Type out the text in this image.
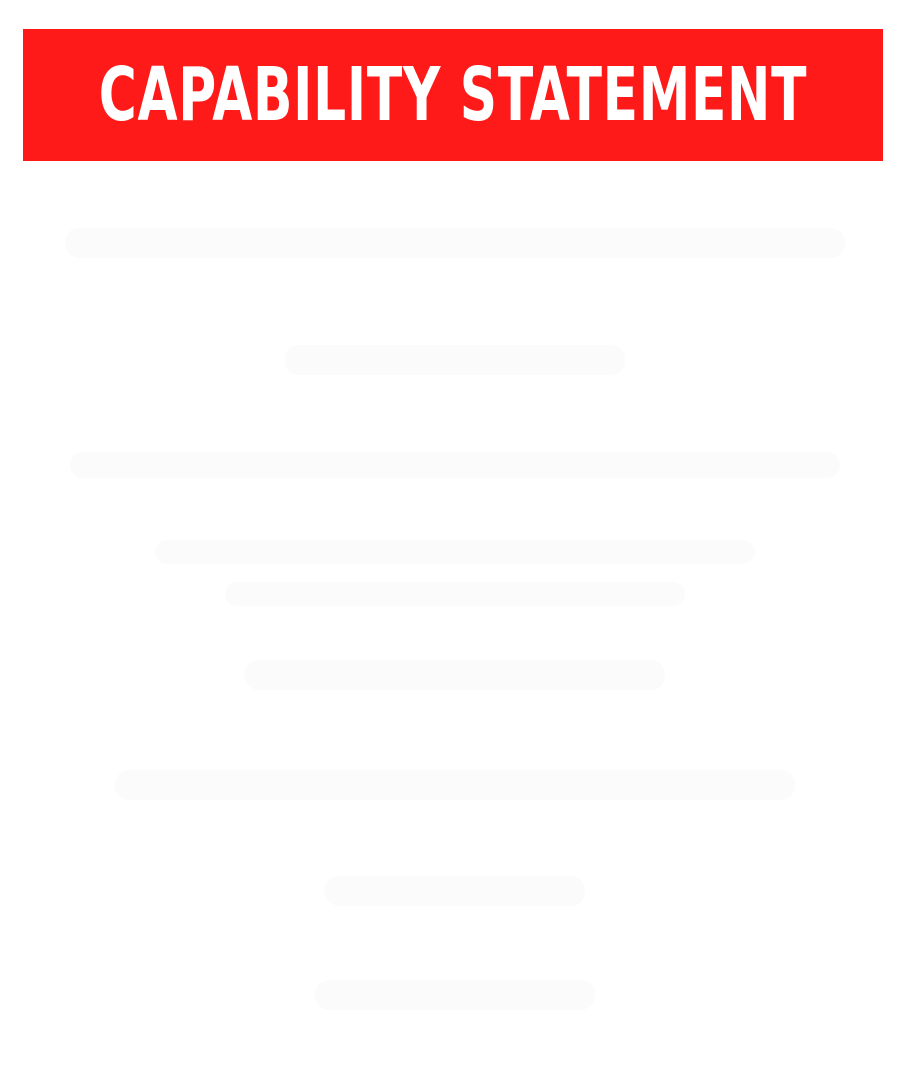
CAPABILITY STATEMENT
